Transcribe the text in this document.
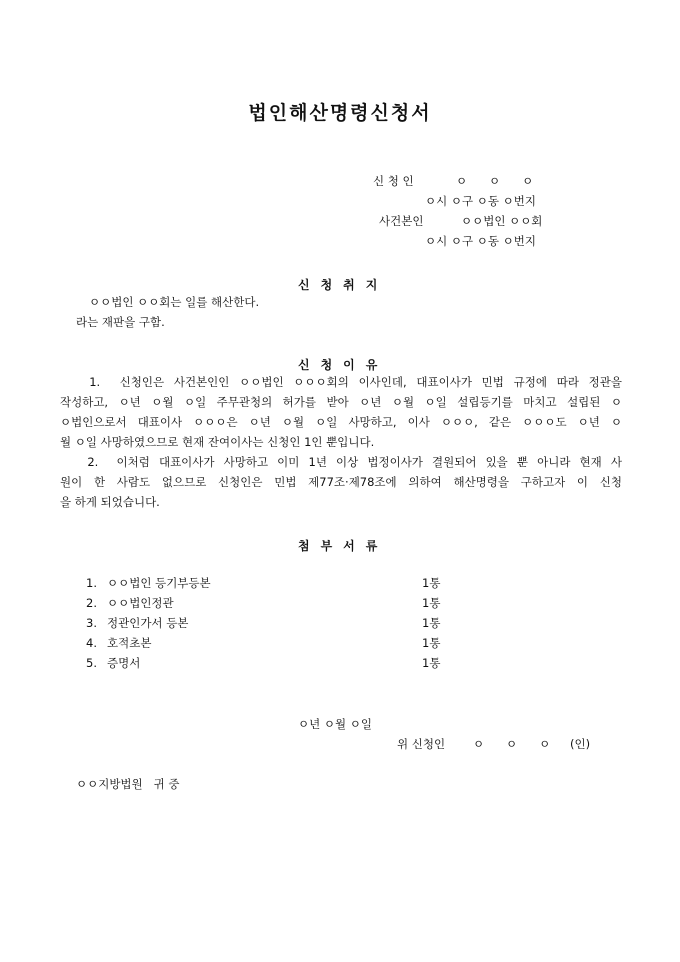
법인해산명령신청서
신 청 인	ㅇ      ㅇ      ㅇ
ㅇ시 ㅇ구 ㅇ동 ㅇ번지
사건본인	ㅇㅇ법인 ㅇㅇ회
ㅇ시 ㅇ구 ㅇ동 ㅇ번지
신청취지
ㅇㅇ법인 ㅇㅇ회는 일를 해산한다.
라는 재판을 구함.
신청이유
1.  신청인은 사건본인인 ㅇㅇ법인 ㅇㅇㅇ회의 이사인데, 대표이사가 민법 규정에 따라 정관을
작성하고, ㅇ년 ㅇ월 ㅇ일 주무관청의 허가를 받아 ㅇ년 ㅇ월 ㅇ일 설립등기를 마치고 설립된 ㅇ
ㅇ법인으로서 대표이사 ㅇㅇㅇ은 ㅇ년 ㅇ월 ㅇ일 사망하고, 이사 ㅇㅇㅇ, 같은 ㅇㅇㅇ도 ㅇ년 ㅇ
월 ㅇ일 사망하였으므로 현재 잔여이사는 신청인 1인 뿐입니다.
2.  이처럼 대표이사가 사망하고 이미 1년 이상 법정이사가 결원되어 있을 뿐 아니라 현재 사
원이 한 사람도 없으므로 신청인은 민법 제77조·제78조에 의하여 해산명령을 구하고자 이 신청
을 하게 되었습니다.
첨부서류
1. ㅇㅇ법인 등기부등본	1통
2. ㅇㅇ법인정관	1통
3. 정관인가서 등본	1통
4. 호적초본	1통
5. 증명서	1통
ㅇ년 ㅇ월 ㅇ일
위 신청인 ㅇ      ㅇ      ㅇ (인)
ㅇㅇ지방법원   귀 중
